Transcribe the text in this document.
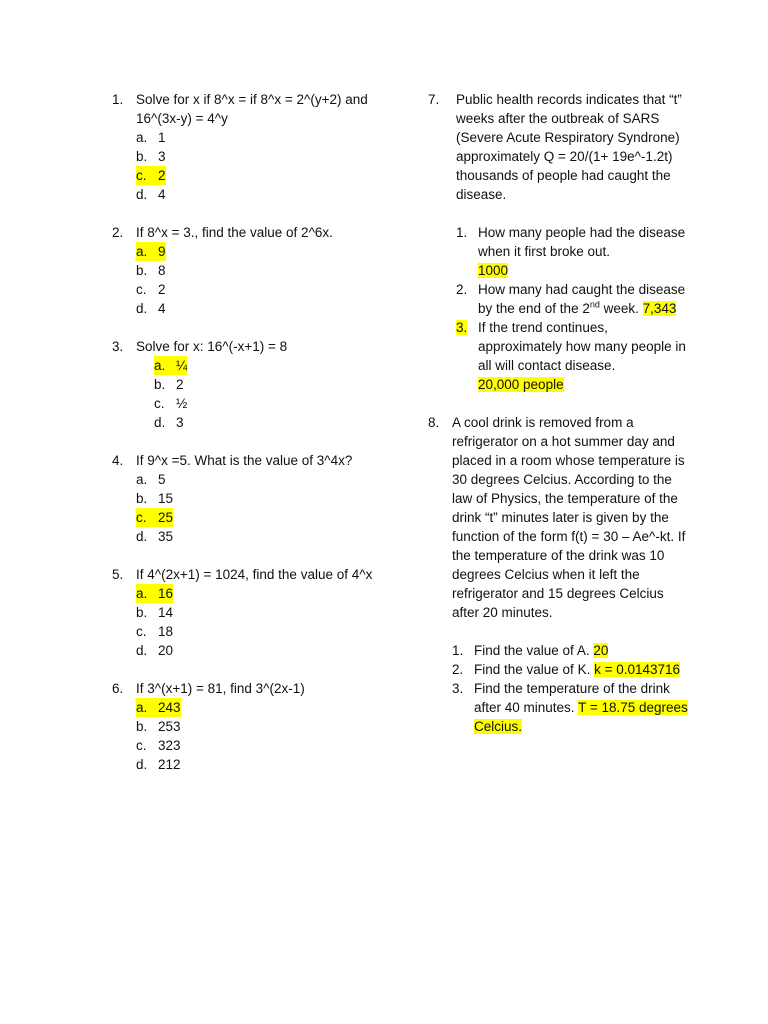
1. Solve for x if 8^x = if 8^x = 2^(y+2) and 16^(3x-y) = 4^y
a. 1
b. 3
c. 2
d. 4
2. If 8^x = 3., find the value of 2^6x.
a. 9
b. 8
c. 2
d. 4
3. Solve for x: 16^(-x+1) = 8
a. ¼
b. 2
c. ½
d. 3
4. If 9^x =5. What is the value of 3^4x?
a. 5
b. 15
c. 25
d. 35
5. If 4^(2x+1) = 1024, find the value of 4^x
a. 16
b. 14
c. 18
d. 20
6. If 3^(x+1) = 81, find 3^(2x-1)
a. 243
b. 253
c. 323
d. 212
7.	Public health records indicates that “t” weeks after the outbreak of SARS (Severe Acute Respiratory Syndrone) approximately Q = 20/(1+ 19e^-1.2t) thousands of people had caught the disease.
1. How many people had the disease when it first broke out.
1000
2. How many had caught the disease by the end of the 2nd week. 7,343
3. If the trend continues, approximately how many people in all will contact disease.
20,000 people
8. A cool drink is removed from a refrigerator on a hot summer day and placed in a room whose temperature is 30 degrees Celcius. According to the law of Physics, the temperature of the drink “t” minutes later is given by the function of the form f(t) = 30 – Ae^-kt. If the temperature of the drink was 10 degrees Celcius when it left the refrigerator and 15 degrees Celcius after 20 minutes.
1. Find the value of A. 20
2. Find the value of K. k = 0.0143716
3. Find the temperature of the drink after 40 minutes. T = 18.75 degrees Celcius.
